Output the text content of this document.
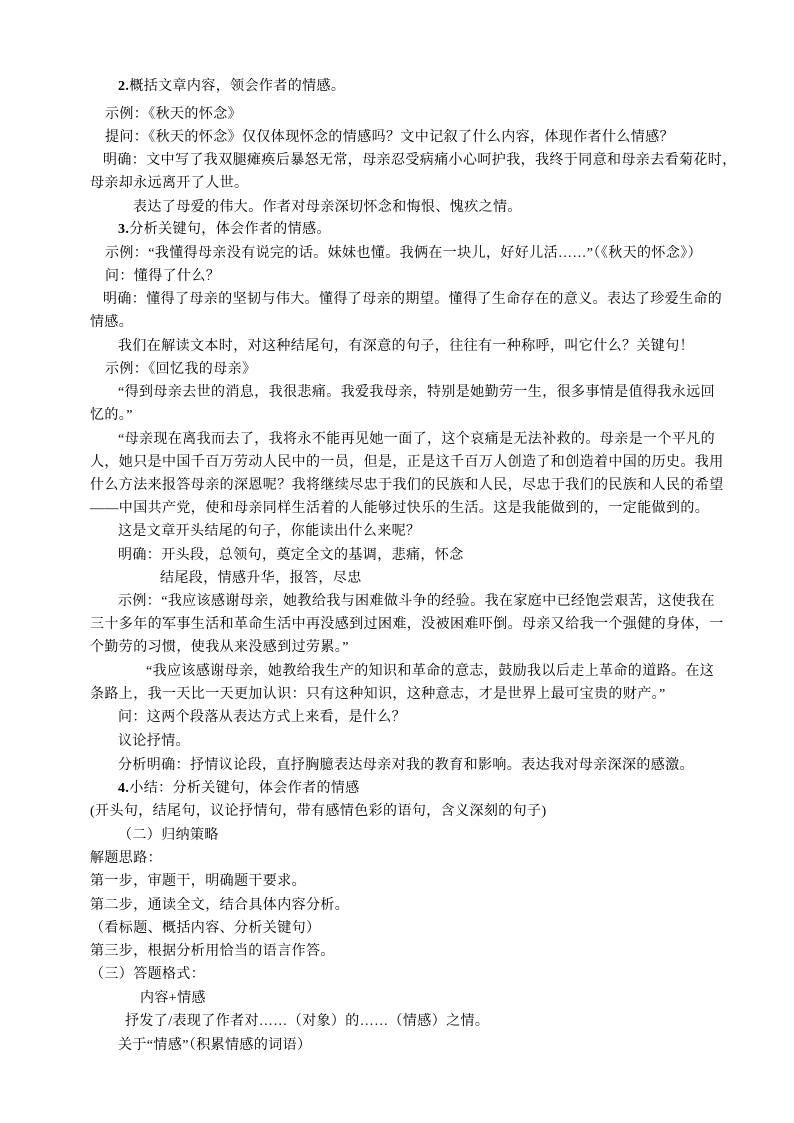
2.概括文章内容，领会作者的情感。
示例：《秋天的怀念》
提问：《秋天的怀念》仅仅体现怀念的情感吗？文中记叙了什么内容，体现作者什么情感？
明确：文中写了我双腿瘫痪后暴怒无常，母亲忍受病痛小心呵护我，我终于同意和母亲去看菊花时，
母亲却永远离开了人世。
表达了母爱的伟大。作者对母亲深切怀念和悔恨、愧疚之情。
3.分析关键句，体会作者的情感。
示例：“我懂得母亲没有说完的话。妹妹也懂。我俩在一块儿，好好儿活……”（《秋天的怀念》）
问：懂得了什么？
明确：懂得了母亲的坚韧与伟大。懂得了母亲的期望。懂得了生命存在的意义。表达了珍爱生命的
情感。
我们在解读文本时，对这种结尾句，有深意的句子，往往有一种称呼，叫它什么？关键句！
示例：《回忆我的母亲》
“得到母亲去世的消息，我很悲痛。我爱我母亲，特别是她勤劳一生，很多事情是值得我永远回
忆的。”
“母亲现在离我而去了，我将永不能再见她一面了，这个哀痛是无法补救的。母亲是一个平凡的
人，她只是中国千百万劳动人民中的一员，但是，正是这千百万人创造了和创造着中国的历史。我用
什么方法来报答母亲的深恩呢？我将继续尽忠于我们的民族和人民，尽忠于我们的民族和人民的希望
——中国共产党，使和母亲同样生活着的人能够过快乐的生活。这是我能做到的，一定能做到的。
这是文章开头结尾的句子，你能读出什么来呢？
明确：开头段，总领句，奠定全文的基调，悲痛，怀念
结尾段，情感升华，报答，尽忠
示例：“我应该感谢母亲，她教给我与困难做斗争的经验。我在家庭中已经饱尝艰苦，这使我在
三十多年的军事生活和革命生活中再没感到过困难，没被困难吓倒。母亲又给我一个强健的身体，一
个勤劳的习惯，使我从来没感到过劳累。”
“我应该感谢母亲，她教给我生产的知识和革命的意志，鼓励我以后走上革命的道路。在这
条路上，我一天比一天更加认识：只有这种知识，这种意志，才是世界上最可宝贵的财产。”
问：这两个段落从表达方式上来看，是什么？
议论抒情。
分析明确：抒情议论段，直抒胸臆表达母亲对我的教育和影响。表达我对母亲深深的感激。
4.小结：分析关键句，体会作者的情感
(开头句，结尾句，议论抒情句，带有感情色彩的语句，含义深刻的句子)
（二）归纳策略
解题思路：
第一步，审题干，明确题干要求。
第二步，通读全文，结合具体内容分析。
（看标题、概括内容、分析关键句）
第三步，根据分析用恰当的语言作答。
（三）答题格式：
内容+情感
抒发了/表现了作者对……（对象）的……（情感）之情。
关于“情感”（积累情感的词语）
